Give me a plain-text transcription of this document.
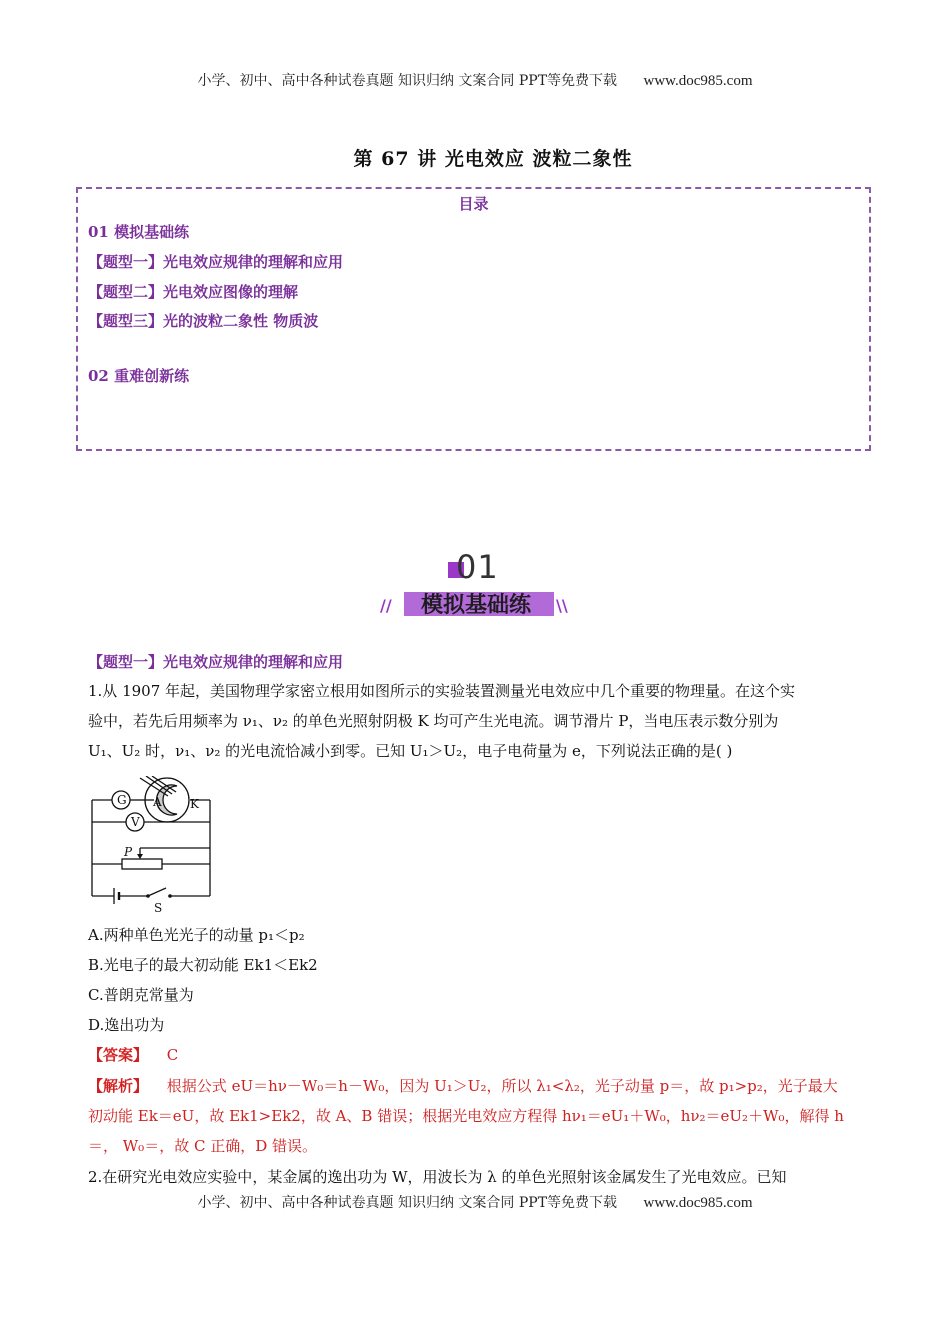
小学、初中、高中各种试卷真题 知识归纳 文案合同 PPT等免费下载 www.doc985.com
第 67 讲 光电效应 波粒二象性
目录
01 模拟基础练
【题型一】光电效应规律的理解和应用
【题型二】光电效应图像的理解
【题型三】光的波粒二象性 物质波
02 重难创新练
01
模拟基础练
//	\\
【题型一】光电效应规律的理解和应用
1.从 1907 年起，美国物理学家密立根用如图所示的实验装置测量光电效应中几个重要的物理量。在这个实
验中，若先后用频率为 ν₁、ν₂ 的单色光照射阴极 K 均可产生光电流。调节滑片 P，当电压表示数分别为
U₁、U₂ 时，ν₁、ν₂ 的光电流恰减小到零。已知 U₁＞U₂，电子电荷量为 e，下列说法正确的是( )
G A K
V
P
S
A.两种单色光光子的动量 p₁＜p₂
B.光电子的最大初动能 Ek1＜Ek2
C.普朗克常量为
D.逸出功为
【答案】 C
【解析】 根据公式 eU＝hν－W₀＝h－W₀，因为 U₁＞U₂，所以 λ₁<λ₂，光子动量 p＝，故 p₁>p₂，光子最大
初动能 Ek＝eU，故 Ek1>Ek2，故 A、B 错误；根据光电效应方程得 hν₁＝eU₁＋W₀，hν₂＝eU₂＋W₀，解得 h
＝， W₀＝，故 C 正确，D 错误。
2.在研究光电效应实验中，某金属的逸出功为 W，用波长为 λ 的单色光照射该金属发生了光电效应。已知
小学、初中、高中各种试卷真题 知识归纳 文案合同 PPT等免费下载 www.doc985.com
